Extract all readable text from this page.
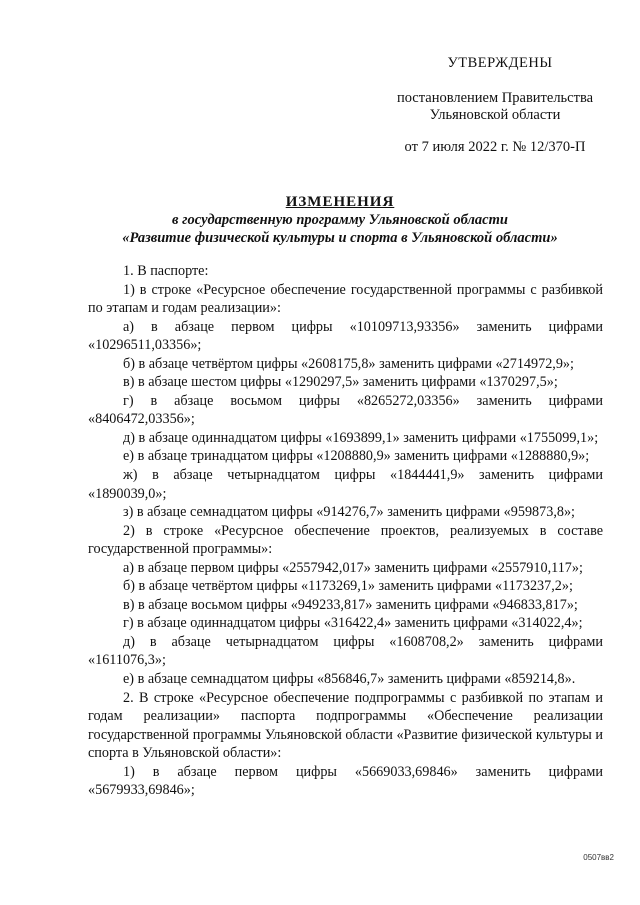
УТВЕРЖДЕНЫ
постановлением Правительства
Ульяновской области
от 7 июля 2022 г. № 12/370-П
ИЗМЕНЕНИЯ
в государственную программу Ульяновской области
«Развитие физической культуры и спорта в Ульяновской области»

1. В паспорте:

1) в строке «Ресурсное обеспечение государственной программы с разбивкой по этапам и годам реализации»:

а) в абзаце первом цифры «10109713,93356» заменить цифрами «10296511,03356»;

б) в абзаце четвёртом цифры «2608175,8» заменить цифрами «2714972,9»;

в) в абзаце шестом цифры «1290297,5» заменить цифрами «1370297,5»;

г) в абзаце восьмом цифры «8265272,03356» заменить цифрами «8406472,03356»;

д) в абзаце одиннадцатом цифры «1693899,1» заменить цифрами «1755099,1»;

е) в абзаце тринадцатом цифры «1208880,9» заменить цифрами «1288880,9»;

ж) в абзаце четырнадцатом цифры «1844441,9» заменить цифрами «1890039,0»;

з) в абзаце семнадцатом цифры «914276,7» заменить цифрами «959873,8»;

2) в строке «Ресурсное обеспечение проектов, реализуемых в составе государственной программы»:

а) в абзаце первом цифры «2557942,017» заменить цифрами «2557910,117»;

б) в абзаце четвёртом цифры «1173269,1» заменить цифрами «1173237,2»;

в) в абзаце восьмом цифры «949233,817» заменить цифрами «946833,817»;

г) в абзаце одиннадцатом цифры «316422,4» заменить цифрами «314022,4»;

д) в абзаце четырнадцатом цифры «1608708,2» заменить цифрами «1611076,3»;

е) в абзаце семнадцатом цифры «856846,7» заменить цифрами «859214,8».

2. В строке «Ресурсное обеспечение подпрограммы с разбивкой по этапам и годам реализации» паспорта подпрограммы «Обеспечение реализации государственной программы Ульяновской области «Развитие физической культуры и спорта в Ульяновской области»:

1) в абзаце первом цифры «5669033,69846» заменить цифрами «5679933,69846»;

0507вв2
